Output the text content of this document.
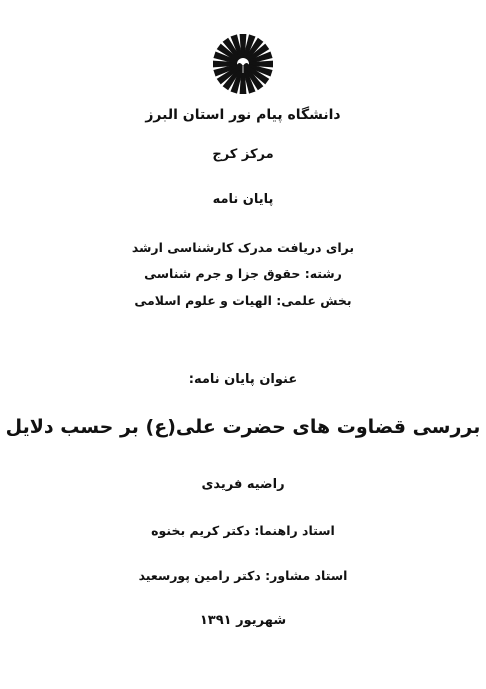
دانشگاه پیام نور استان البرز
مرکز کرج
پایان نامه
برای دریافت مدرک کارشناسی ارشد
رشته: حقوق جزا و جرم شناسی
بخش علمی: الهیات و علوم اسلامی
عنوان پایان نامه:
بررسی قضاوت های حضرت علی(ع) بر حسب دلایل
راضیه فریدی
استاد راهنما: دکتر کریم بخنوه
استاد مشاور: دکتر رامین پورسعید
شهریور ۱۳۹۱
